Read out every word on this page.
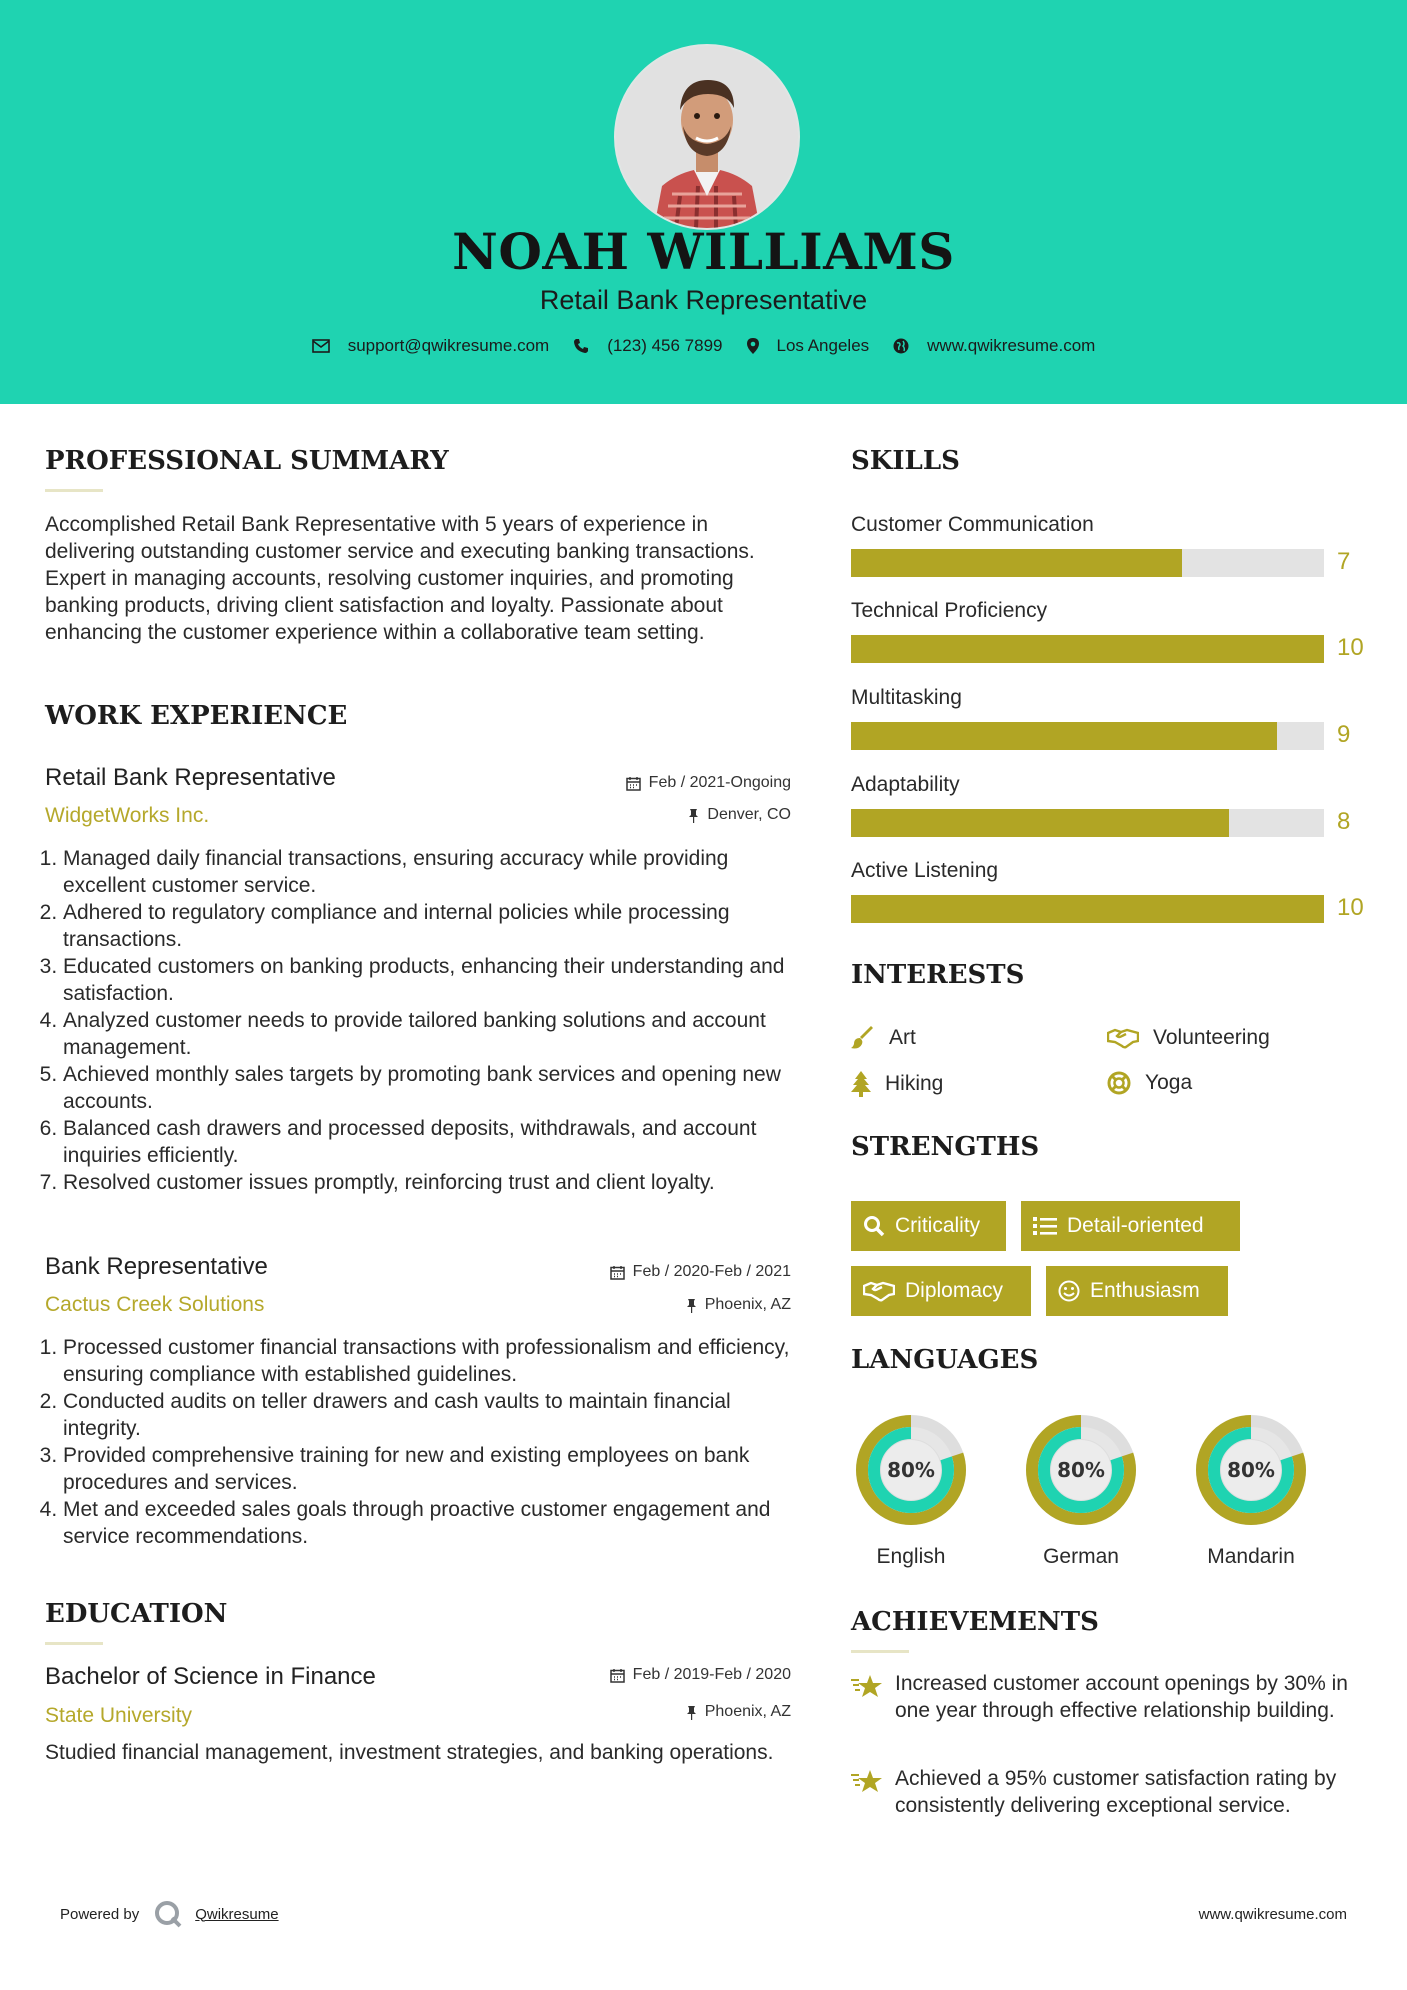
NOAH WILLIAMS
Retail Bank Representative
support@qwikresume.com	(123) 456 7899	Los Angeles	www.qwikresume.com
PROFESSIONAL SUMMARY
Accomplished Retail Bank Representative with 5 years of experience in delivering outstanding customer service and executing banking transactions. Expert in managing accounts, resolving customer inquiries, and promoting banking products, driving client satisfaction and loyalty. Passionate about enhancing the customer experience within a collaborative team setting.
WORK EXPERIENCE
Retail Bank Representative	Feb / 2021-Ongoing
WidgetWorks Inc.	Denver, CO
1. Managed daily financial transactions, ensuring accuracy while providing excellent customer service.
2. Adhered to regulatory compliance and internal policies while processing transactions.
3. Educated customers on banking products, enhancing their understanding and satisfaction.
4. Analyzed customer needs to provide tailored banking solutions and account management.
5. Achieved monthly sales targets by promoting bank services and opening new accounts.
6. Balanced cash drawers and processed deposits, withdrawals, and account inquiries efficiently.
7. Resolved customer issues promptly, reinforcing trust and client loyalty.
Bank Representative	Feb / 2020-Feb / 2021
Cactus Creek Solutions	Phoenix, AZ
1. Processed customer financial transactions with professionalism and efficiency, ensuring compliance with established guidelines.
2. Conducted audits on teller drawers and cash vaults to maintain financial integrity.
3. Provided comprehensive training for new and existing employees on bank procedures and services.
4. Met and exceeded sales goals through proactive customer engagement and service recommendations.
EDUCATION
Bachelor of Science in Finance	Feb / 2019-Feb / 2020
State University	Phoenix, AZ
Studied financial management, investment strategies, and banking operations.
SKILLS
Customer Communication
7
Technical Proficiency
10
Multitasking
9
Adaptability
8
Active Listening
10
INTERESTS
Art	Volunteering
Hiking	Yoga
STRENGTHS
Criticality	Detail-oriented
Diplomacy	Enthusiasm
LANGUAGES
80%
English
80%
German
80%
Mandarin
ACHIEVEMENTS
Increased customer account openings by 30% in one year through effective relationship building.
Achieved a 95% customer satisfaction rating by consistently delivering exceptional service.
Powered by	Qwikresume	www.qwikresume.com
